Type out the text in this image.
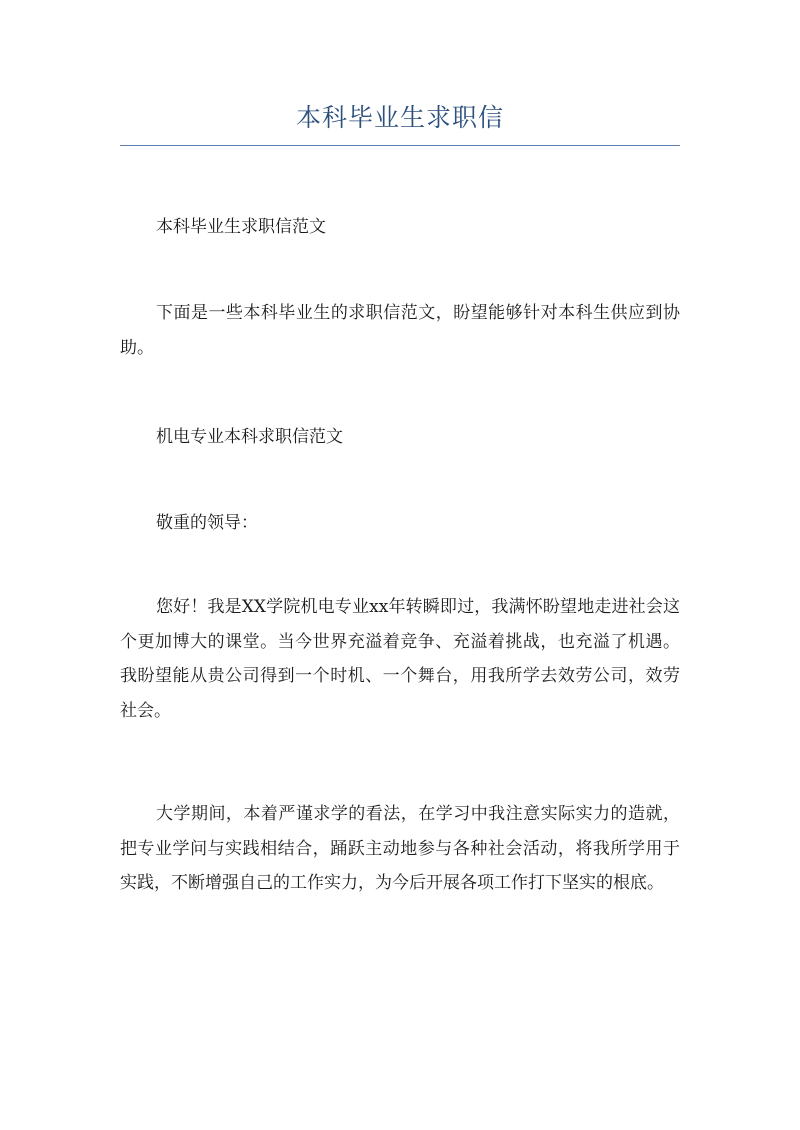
本科毕业生求职信

本科毕业生求职信范文

下面是一些本科毕业生的求职信范文，盼望能够针对本科生供应到协助。

机电专业本科求职信范文

敬重的领导：

您好！我是XX学院机电专业xx年转瞬即过，我满怀盼望地走进社会这个更加博大的课堂。当今世界充溢着竞争、充溢着挑战，也充溢了机遇。我盼望能从贵公司得到一个时机、一个舞台，用我所学去效劳公司，效劳社会。

大学期间，本着严谨求学的看法，在学习中我注意实际实力的造就，把专业学问与实践相结合，踊跃主动地参与各种社会活动，将我所学用于实践，不断增强自己的工作实力，为今后开展各项工作打下坚实的根底。
